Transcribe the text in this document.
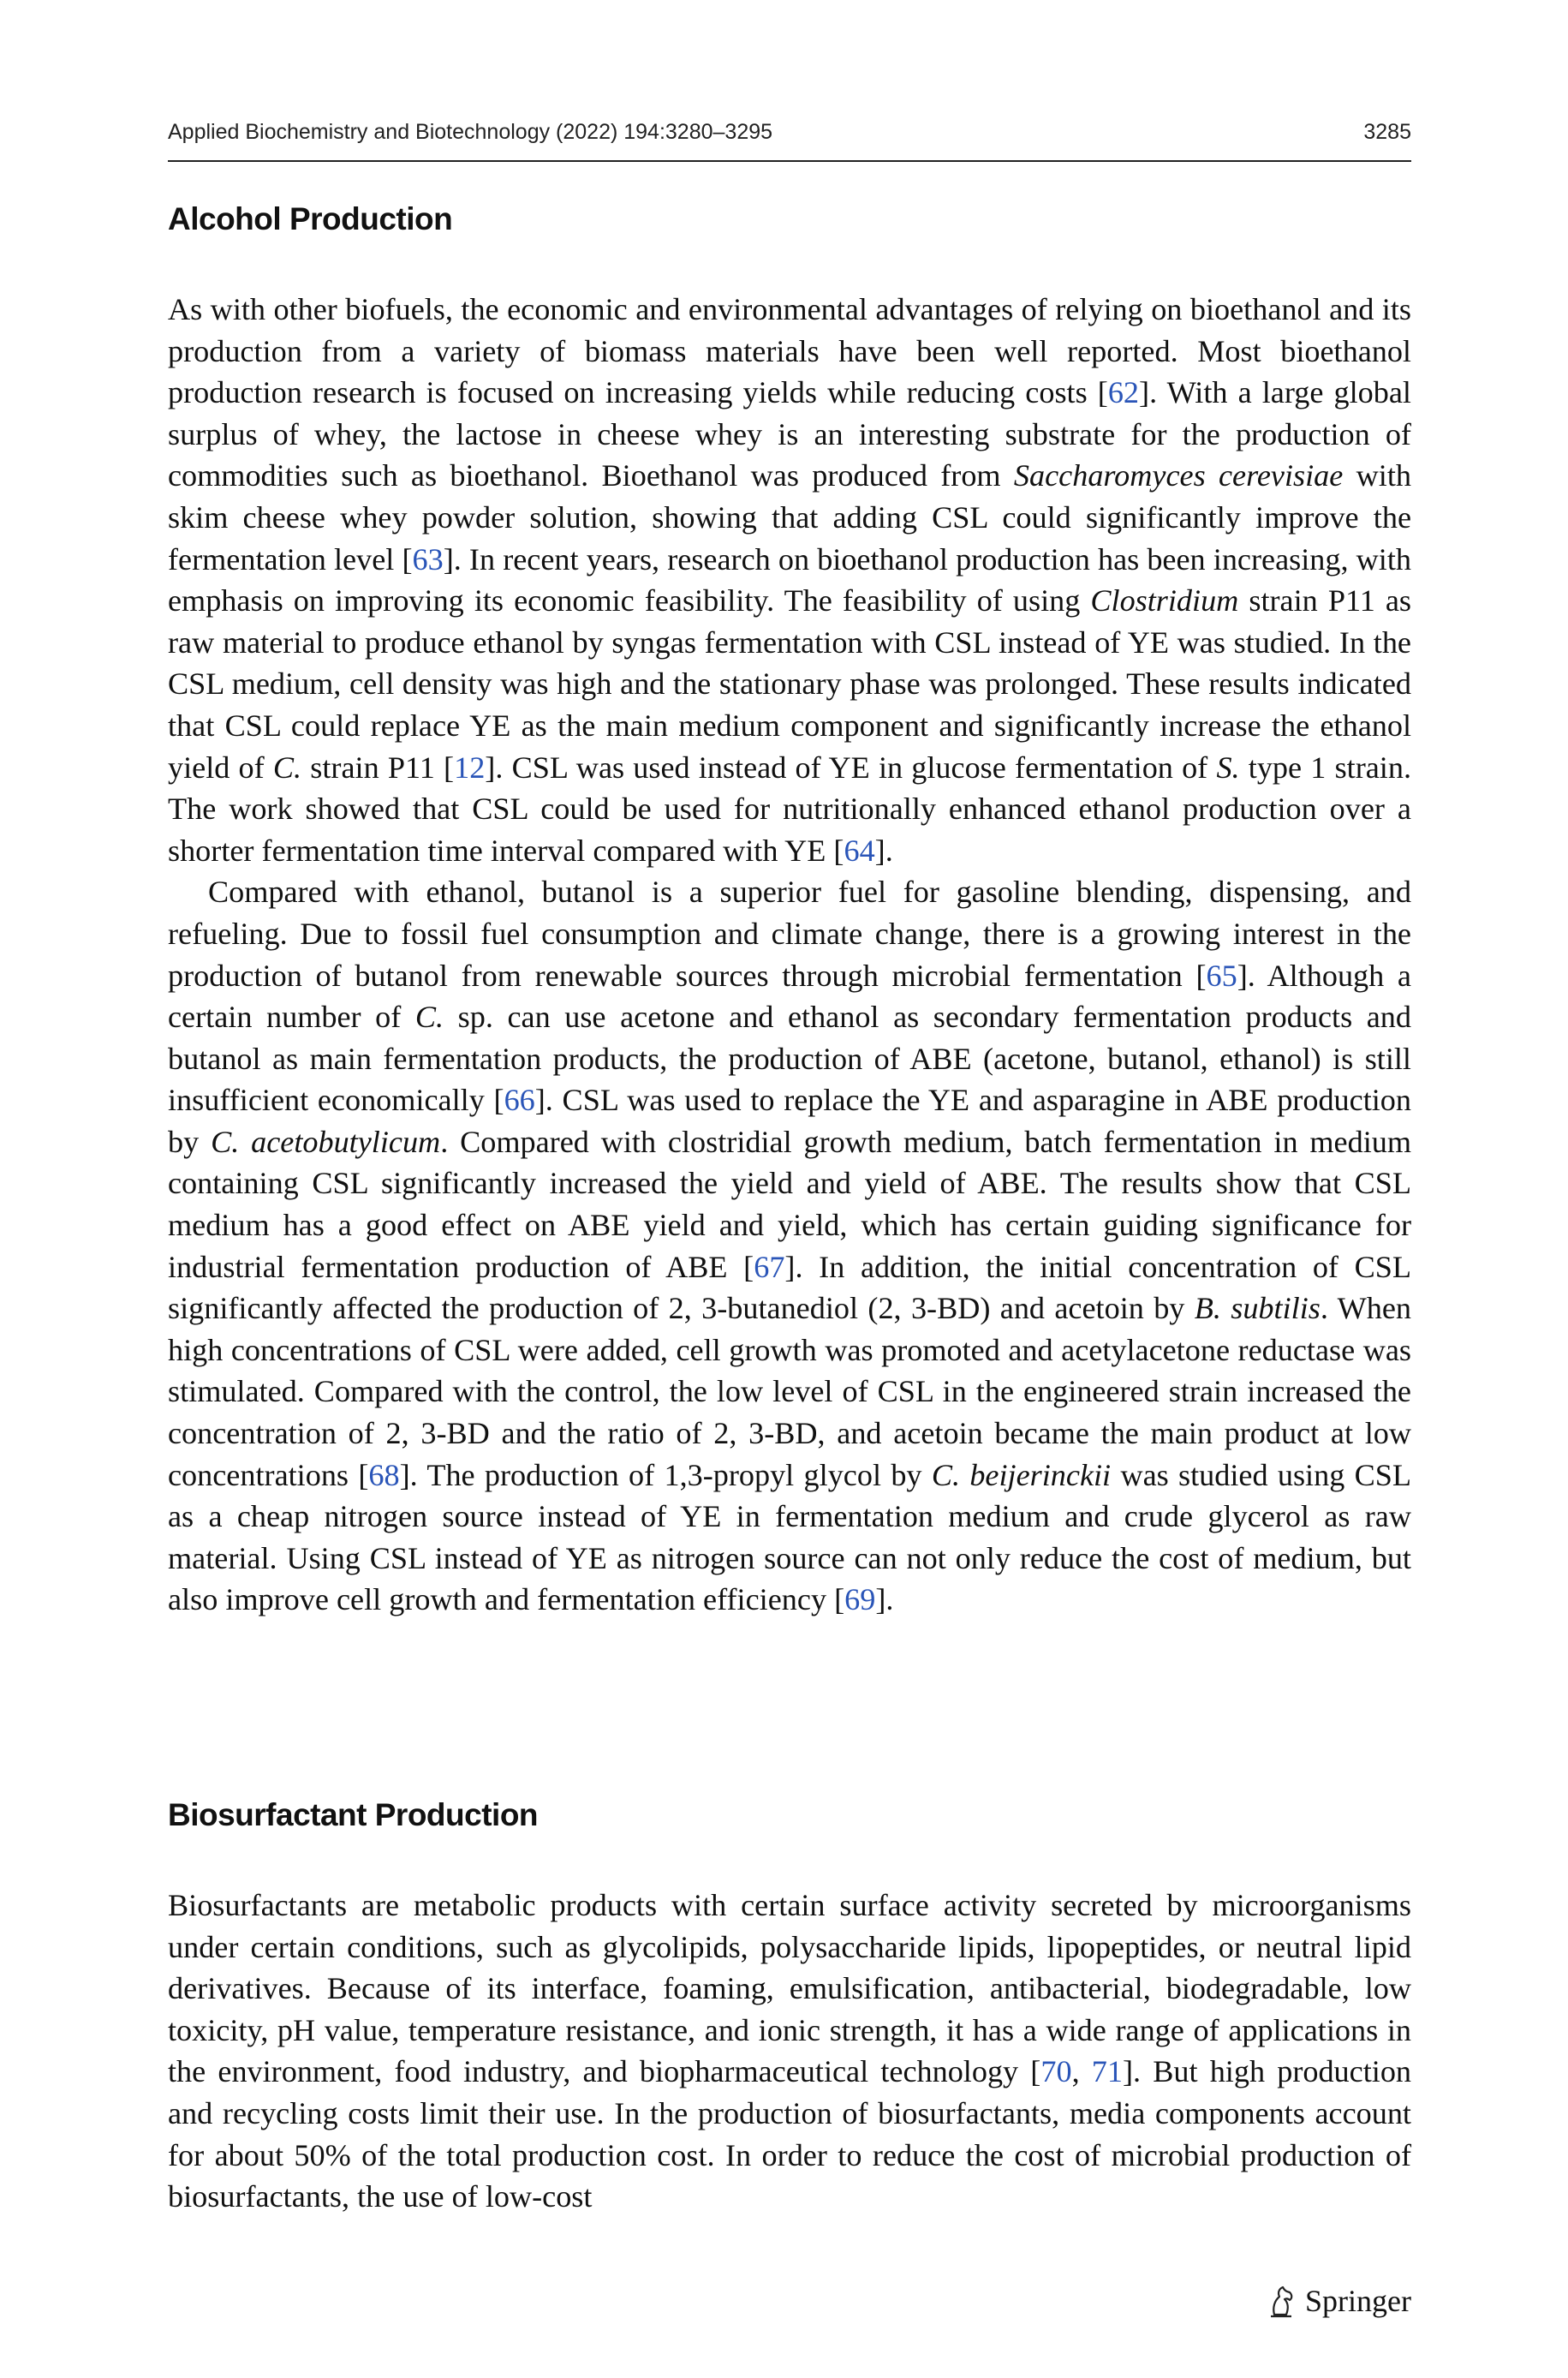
Applied Biochemistry and Biotechnology (2022) 194:3280–3295	3285
Alcohol Production

As with other biofuels, the economic and environmental advantages of relying on bioethanol and its production from a variety of biomass materials have been well reported. Most bioethanol production research is focused on increasing yields while reducing costs [62]. With a large global surplus of whey, the lactose in cheese whey is an interesting substrate for the production of commodities such as bioethanol. Bioethanol was produced from Saccharomyces cerevisiae with skim cheese whey powder solution, showing that adding CSL could significantly improve the fermentation level [63]. In recent years, research on bioethanol production has been increasing, with emphasis on improving its economic feasibility. The feasibility of using Clostridium strain P11 as raw material to produce ethanol by syngas fermentation with CSL instead of YE was studied. In the CSL medium, cell density was high and the stationary phase was prolonged. These results indicated that CSL could replace YE as the main medium component and significantly increase the ethanol yield of C. strain P11 [12]. CSL was used instead of YE in glucose fermentation of S. type 1 strain. The work showed that CSL could be used for nutritionally enhanced ethanol production over a shorter fermentation time interval compared with YE [64].

Compared with ethanol, butanol is a superior fuel for gasoline blending, dispensing, and refueling. Due to fossil fuel consumption and climate change, there is a growing interest in the production of butanol from renewable sources through microbial fermentation [65]. Although a certain number of C. sp. can use acetone and ethanol as secondary fermentation products and butanol as main fermentation products, the production of ABE (acetone, butanol, ethanol) is still insufficient economically [66]. CSL was used to replace the YE and asparagine in ABE production by C. acetobutylicum. Compared with clostridial growth medium, batch fermentation in medium containing CSL significantly increased the yield and yield of ABE. The results show that CSL medium has a good effect on ABE yield and yield, which has certain guiding significance for industrial fermentation production of ABE [67]. In addition, the initial concentration of CSL significantly affected the production of 2, 3-butanediol (2, 3-BD) and acetoin by B. subtilis. When high concentrations of CSL were added, cell growth was promoted and acetylacetone reductase was stimulated. Compared with the control, the low level of CSL in the engineered strain increased the concentration of 2, 3-BD and the ratio of 2, 3-BD, and acetoin became the main product at low concentrations [68]. The production of 1,3-propyl glycol by C. beijerinckii was studied using CSL as a cheap nitrogen source instead of YE in fermentation medium and crude glycerol as raw material. Using CSL instead of YE as nitrogen source can not only reduce the cost of medium, but also improve cell growth and fermentation efficiency [69].

Biosurfactant Production

Biosurfactants are metabolic products with certain surface activity secreted by microorganisms under certain conditions, such as glycolipids, polysaccharide lipids, lipopeptides, or neutral lipid derivatives. Because of its interface, foaming, emulsification, antibacterial, biodegradable, low toxicity, pH value, temperature resistance, and ionic strength, it has a wide range of applications in the environment, food industry, and biopharmaceutical technology [70, 71]. But high production and recycling costs limit their use. In the production of biosurfactants, media components account for about 50% of the total production cost. In order to reduce the cost of microbial production of biosurfactants, the use of low-cost

Springer
